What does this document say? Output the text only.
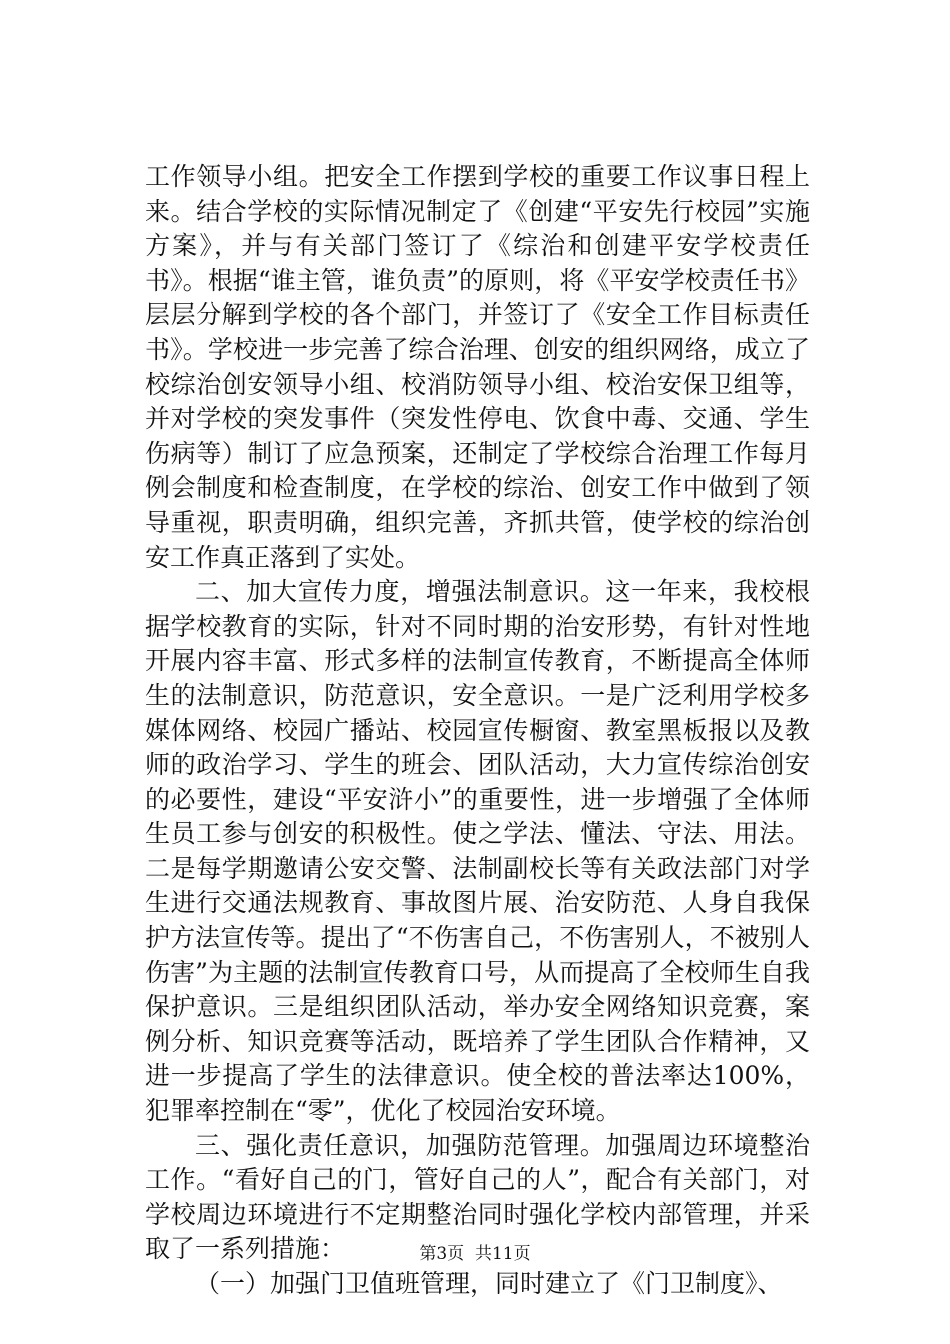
工作领导小组。把安全工作摆到学校的重要工作议事日程上来。结合学校的实际情况制定了《创建“平安先行校园”实施方案》，并与有关部门签订了《综治和创建平安学校责任书》。根据“谁主管，谁负责”的原则，将《平安学校责任书》层层分解到学校的各个部门，并签订了《安全工作目标责任书》。学校进一步完善了综合治理、创安的组织网络，成立了校综治创安领导小组、校消防领导小组、校治安保卫组等，并对学校的突发事件（突发性停电、饮食中毒、交通、学生伤病等）制订了应急预案，还制定了学校综合治理工作每月例会制度和检查制度，在学校的综治、创安工作中做到了领导重视，职责明确，组织完善，齐抓共管，使学校的综治创安工作真正落到了实处。

二、加大宣传力度，增强法制意识。这一年来，我校根据学校教育的实际，针对不同时期的治安形势，有针对性地开展内容丰富、形式多样的法制宣传教育，不断提高全体师生的法制意识，防范意识，安全意识。一是广泛利用学校多媒体网络、校园广播站、校园宣传橱窗、教室黑板报以及教师的政治学习、学生的班会、团队活动，大力宣传综治创安的必要性，建设“平安浒小”的重要性，进一步增强了全体师生员工参与创安的积极性。使之学法、懂法、守法、用法。二是每学期邀请公安交警、法制副校长等有关政法部门对学生进行交通法规教育、事故图片展、治安防范、人身自我保护方法宣传等。提出了“不伤害自己，不伤害别人，不被别人伤害”为主题的法制宣传教育口号，从而提高了全校师生自我保护意识。三是组织团队活动，举办安全网络知识竞赛，案例分析、知识竞赛等活动，既培养了学生团队合作精神，又进一步提高了学生的法律意识。使全校的普法率达100%，犯罪率控制在“零”，优化了校园治安环境。

三、强化责任意识，加强防范管理。加强周边环境整治工作。“看好自己的门，管好自己的人”，配合有关部门，对学校周边环境进行不定期整治同时强化学校内部管理，并采取了一系列措施：

（一）加强门卫值班管理，同时建立了《门卫制度》、

第3页  共11页
